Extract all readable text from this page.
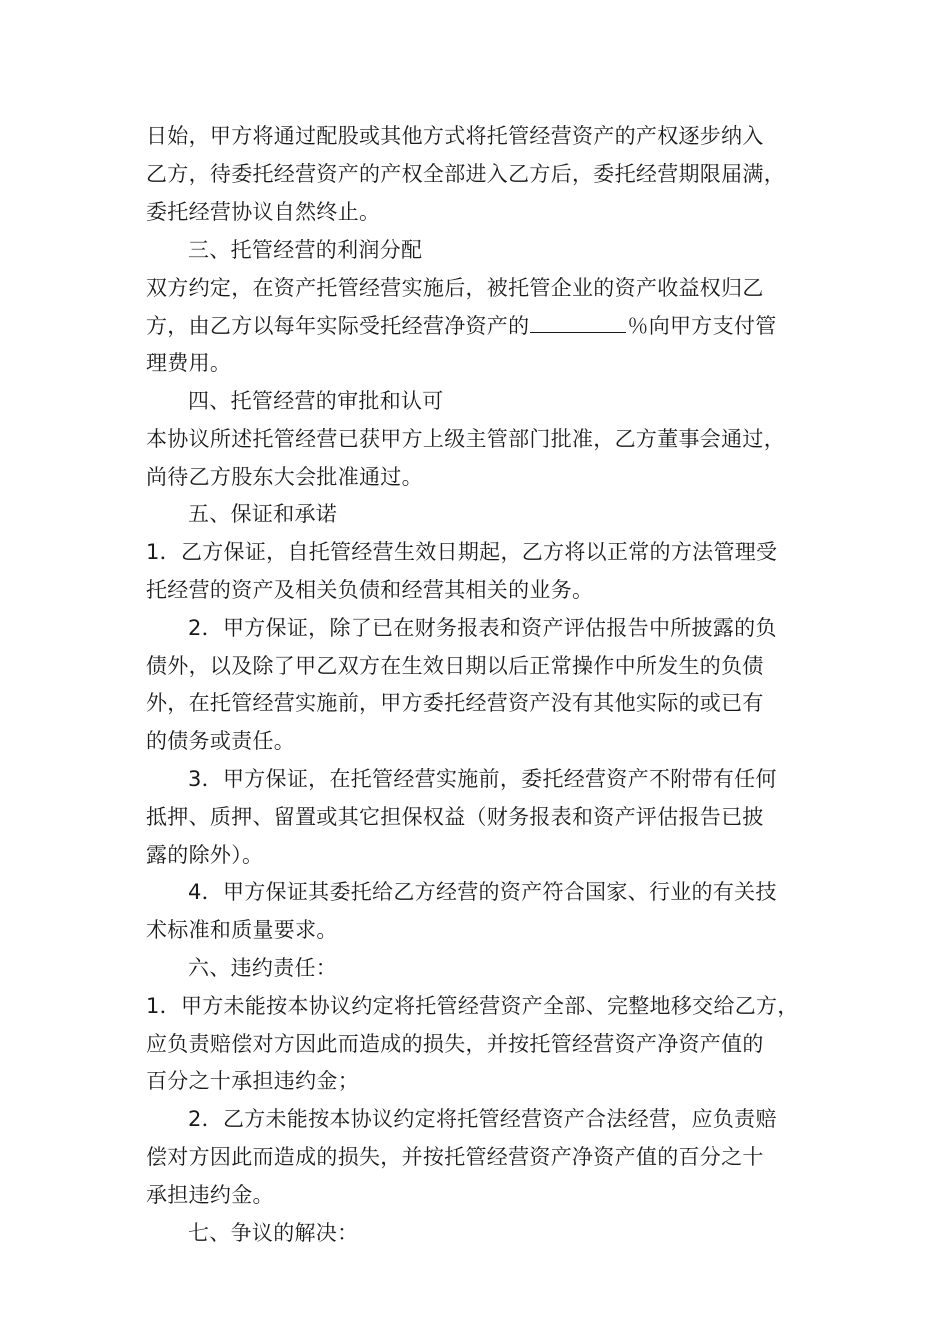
日始，甲方将通过配股或其他方式将托管经营资产的产权逐步纳入
乙方，待委托经营资产的产权全部进入乙方后，委托经营期限届满，
委托经营协议自然终止。
三、托管经营的利润分配
双方约定，在资产托管经营实施后，被托管企业的资产收益权归乙
方，由乙方以每年实际受托经营净资产的	％向甲方支付管
理费用。
四、托管经营的审批和认可
本协议所述托管经营已获甲方上级主管部门批准，乙方董事会通过，
尚待乙方股东大会批准通过。
五、保证和承诺
1．乙方保证，自托管经营生效日期起，乙方将以正常的方法管理受
托经营的资产及相关负债和经营其相关的业务。
2．甲方保证，除了已在财务报表和资产评估报告中所披露的负
债外，以及除了甲乙双方在生效日期以后正常操作中所发生的负债
外，在托管经营实施前，甲方委托经营资产没有其他实际的或已有
的债务或责任。
3．甲方保证，在托管经营实施前，委托经营资产不附带有任何
抵押、质押、留置或其它担保权益（财务报表和资产评估报告已披
露的除外）。
4．甲方保证其委托给乙方经营的资产符合国家、行业的有关技
术标准和质量要求。
六、违约责任：
1．甲方未能按本协议约定将托管经营资产全部、完整地移交给乙方，
应负责赔偿对方因此而造成的损失，并按托管经营资产净资产值的
百分之十承担违约金；
2．乙方未能按本协议约定将托管经营资产合法经营，应负责赔
偿对方因此而造成的损失，并按托管经营资产净资产值的百分之十
承担违约金。
七、争议的解决：
